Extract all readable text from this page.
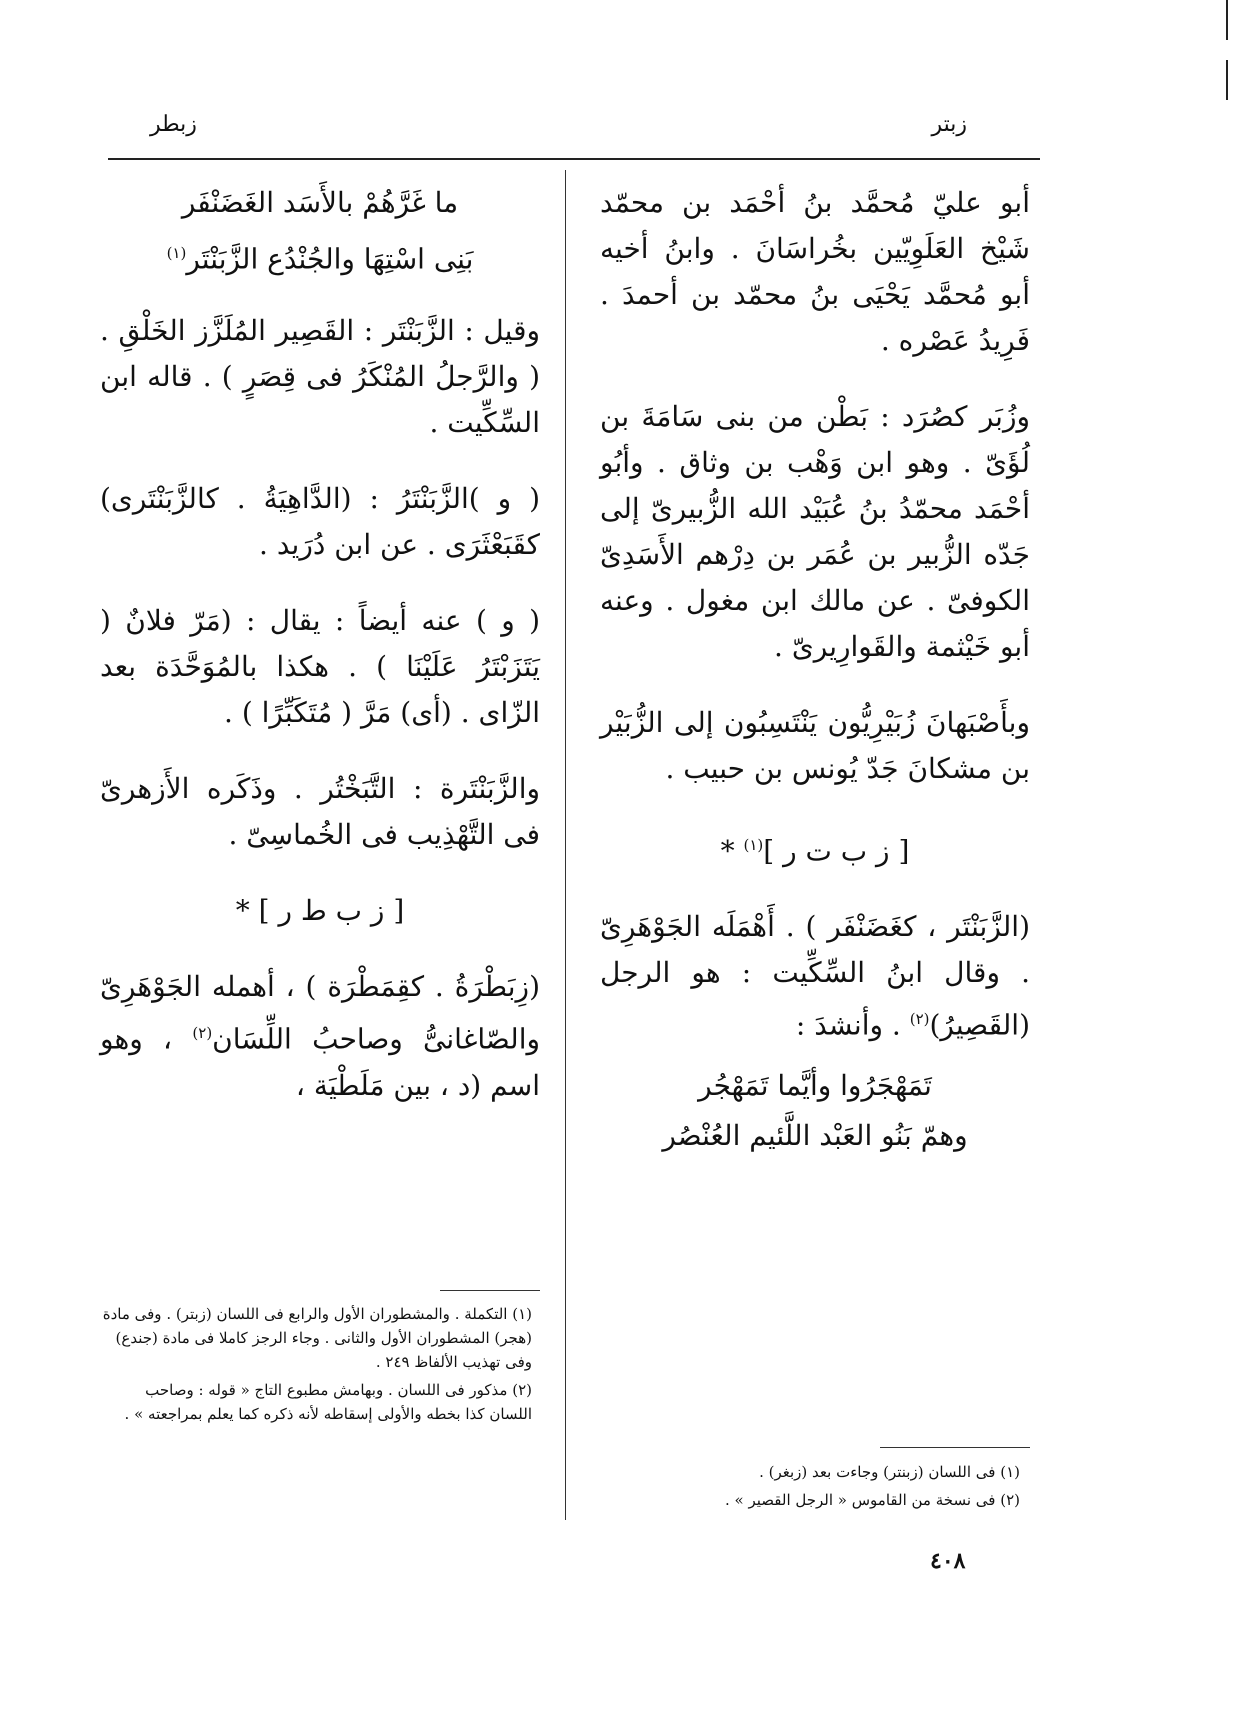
زبتر
زبطر

أبو عليّ مُحمَّد بنُ أحْمَد بن محمّد شَيْخ العَلَوِيّين بخُراسَانَ . وابنُ أخيه أبو مُحمَّد يَحْيَى بنُ محمّد بن أحمدَ . فَرِيدُ عَصْره .

وزُبَر كصُرَد : بَطْن من بنى سَامَةَ بن لُؤَىّ . وهو ابن وَهْب بن وثاق . وأبُو أحْمَد محمّدُ بنُ عُبَيْد الله الزُّبيرىّ إلى جَدّه الزُّبير بن عُمَر بن دِرْهم الأَسَدِىّ الكوفىّ . عن مالك ابن مغول . وعنه أبو خَيْثمة والقَوارِيرىّ .

وبأَصْبَهانَ زُبَيْرِيُّون يَنْتَسِبُون إلى الزُّبَيْر بن مشكانَ جَدّ يُونس بن حبيب .

[ ز ب ت ر ]$^{(١)}$ *

(الزَّبَنْتَر ، كغَضَنْفَر ) . أَهْمَلَه الجَوْهَرِىّ . وقال ابنُ السِّكِّيت : هو الرجل (القَصِيرُ)$^{(٢)}$ . وأنشدَ :

تَمَهْجَرُوا وأيَّما تَمَهْجُر
وهمّ بَنُو العَبْد اللَّئيم العُنْصُر
ما غَرَّهُمْ بالأَسَد الغَضَنْفَر
بَنِى اسْتِهَا والجُنْدُع الزَّبَنْتَر$^{(١)}$

وقيل : الزَّبَنْتَر : القَصِير المُلَزَّز الخَلْقِ . ( والرَّجلُ المُنْكَرُ فى قِصَرٍ ) . قاله ابن السِّكِّيت .

( و )الزَّبَنْتَرُ : (الدَّاهِيَةُ . كالزَّبَنْتَرى) كقَبَعْثَرَى . عن ابن دُرَيد .

( و ) عنه أيضاً : يقال : (مَرّ فلانٌ ( يَتَزَبْتَرُ عَلَيْنَا ) . هكذا بالمُوَحَّدَة بعد الزّاى . (أى) مَرَّ ( مُتَكَبِّرًا ) .

والزَّبَنْتَرة : التَّبَخْتُر . وذَكَره الأَزهرىّ فى التَّهْذِيب فى الخُماسِىّ .

[ ز ب ط ر ] *

(زِبَطْرَةُ . كقِمَطْرَة ) ، أهمله الجَوْهَرِىّ والصّاغانىُّ وصاحبُ اللِّسَان$^{(٢)}$ ، وهو اسم (د ، بين مَلَطْيَة ،

(١) فى اللسان (زبنتر) وجاءت بعد (زبغر) .
(٢) فى نسخة من القاموس « الرجل القصير » .
(١) التكملة . والمشطوران الأول والرابع فى اللسان (زبتر) . وفى مادة (هجر) المشطوران الأول والثانى . وجاء الرجز كاملا فى مادة (جندع) وفى تهذيب الألفاظ ٢٤٩ .
(٢) مذكور فى اللسان . وبهامش مطبوع التاج « قوله : وصاحب اللسان كذا بخطه والأولى إسقاطه لأنه ذكره كما يعلم بمراجعته » .
٤٠٨
